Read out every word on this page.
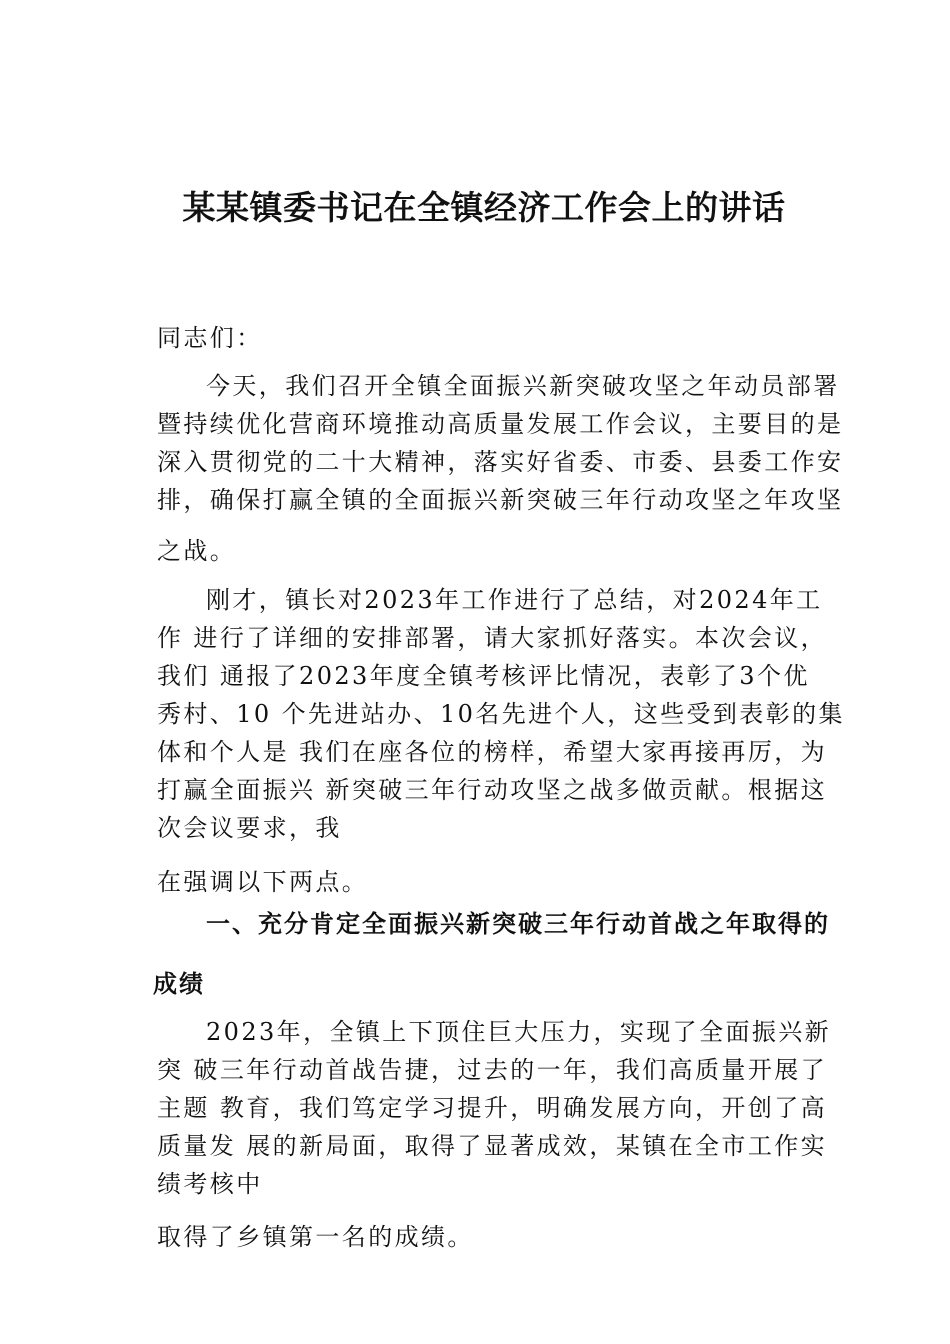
某某镇委书记在全镇经济工作会上的讲话
同志们：
今天，我们召开全镇全面振兴新突破攻坚之年动员部署
暨持续优化营商环境推动高质量发展工作会议，主要目的是
深入贯彻党的二十大精神，落实好省委、市委、县委工作安
排，确保打赢全镇的全面振兴新突破三年行动攻坚之年攻坚
之战。
刚才，镇长对2023年工作进行了总结，对2024年工
作 进行了详细的安排部署，请大家抓好落实。本次会议，
我们 通报了2023年度全镇考核评比情况，表彰了3个优
秀村、10 个先进站办、10名先进个人，这些受到表彰的集
体和个人是 我们在座各位的榜样，希望大家再接再厉，为
打赢全面振兴 新突破三年行动攻坚之战多做贡献。根据这
次会议要求，我
在强调以下两点。
一、充分肯定全面振兴新突破三年行动首战之年取得的
成绩
2023年，全镇上下顶住巨大压力，实现了全面振兴新
突 破三年行动首战告捷，过去的一年，我们高质量开展了
主题 教育，我们笃定学习提升，明确发展方向，开创了高
质量发 展的新局面，取得了显著成效，某镇在全市工作实
绩考核中
取得了乡镇第一名的成绩。
